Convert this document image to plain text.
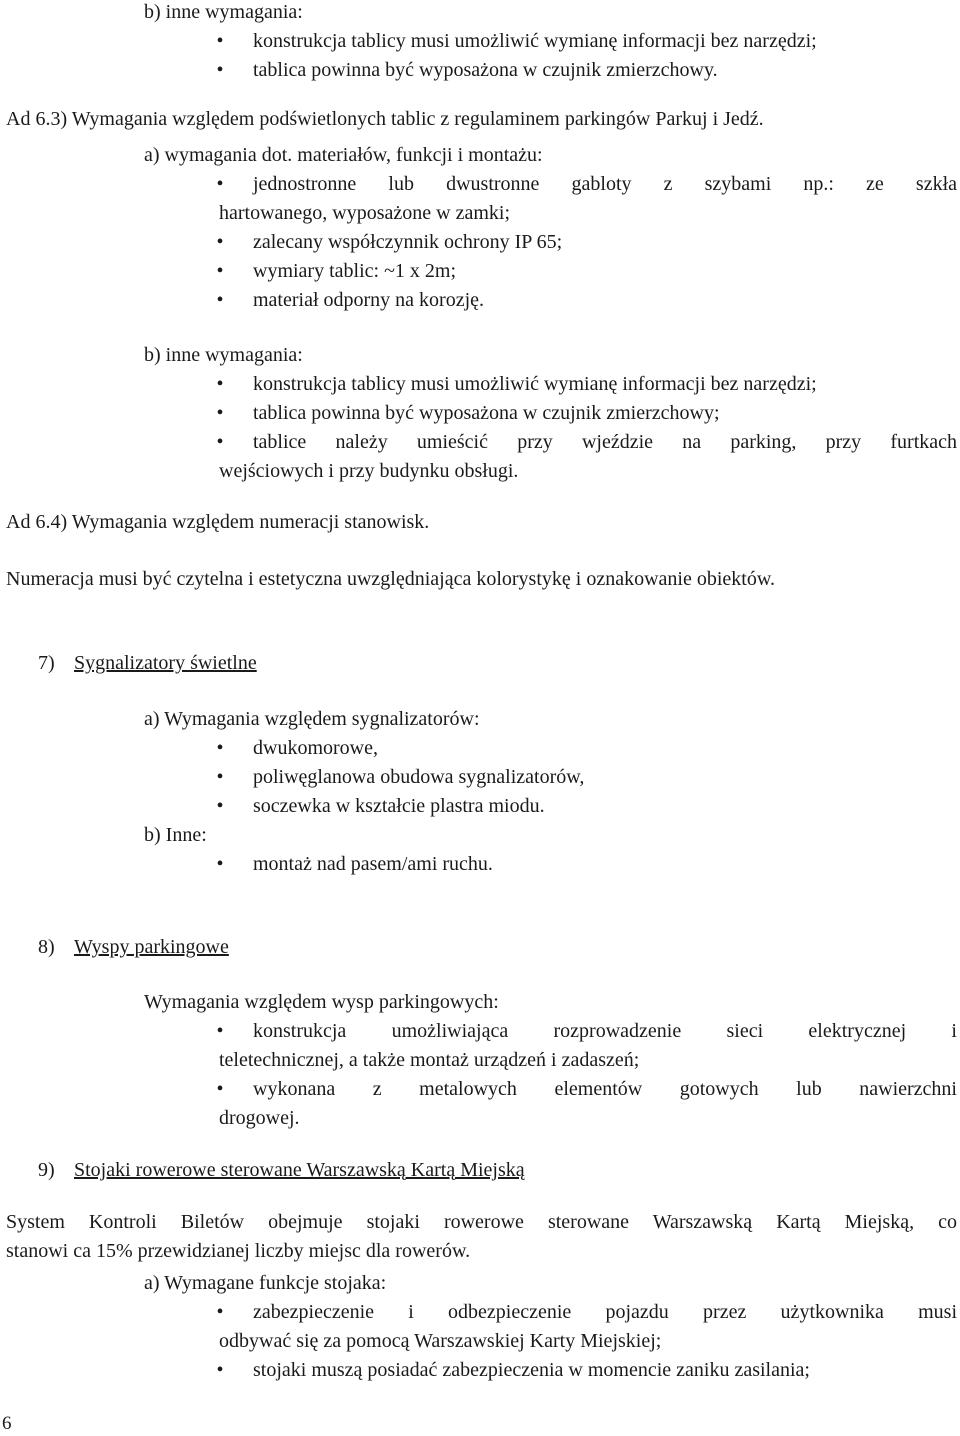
b) inne wymagania:
• konstrukcja tablicy musi umożliwić wymianę informacji bez narzędzi;
• tablica powinna być wyposażona w czujnik zmierzchowy.
Ad 6.3) Wymagania względem podświetlonych tablic z regulaminem parkingów Parkuj i Jedź.
a) wymagania dot. materiałów, funkcji i montażu:
• jednostronne lub dwustronne gabloty z szybami np.: ze szkła
hartowanego, wyposażone w zamki;
• zalecany współczynnik ochrony IP 65;
• wymiary tablic: ~1 x 2m;
• materiał odporny na korozję.
b) inne wymagania:
• konstrukcja tablicy musi umożliwić wymianę informacji bez narzędzi;
• tablica powinna być wyposażona w czujnik zmierzchowy;
• tablice należy umieścić przy wjeździe na parking, przy furtkach
wejściowych i przy budynku obsługi.
Ad 6.4) Wymagania względem numeracji stanowisk.
Numeracja musi być czytelna i estetyczna uwzględniająca kolorystykę i oznakowanie obiektów.
7) Sygnalizatory świetlne
a) Wymagania względem sygnalizatorów:
• dwukomorowe,
• poliwęglanowa obudowa sygnalizatorów,
• soczewka w kształcie plastra miodu.
b) Inne:
• montaż nad pasem/ami ruchu.
8) Wyspy parkingowe
Wymagania względem wysp parkingowych:
• konstrukcja umożliwiająca rozprowadzenie sieci elektrycznej i
teletechnicznej, a także montaż urządzeń i zadaszeń;
• wykonana z metalowych elementów gotowych lub nawierzchni
drogowej.
9) Stojaki rowerowe sterowane Warszawską Kartą Miejską
System Kontroli Biletów obejmuje stojaki rowerowe sterowane Warszawską Kartą Miejską, co
stanowi ca 15% przewidzianej liczby miejsc dla rowerów.
a) Wymagane funkcje stojaka:
• zabezpieczenie i odbezpieczenie pojazdu przez użytkownika musi
odbywać się za pomocą Warszawskiej Karty Miejskiej;
• stojaki muszą posiadać zabezpieczenia w momencie zaniku zasilania;
6
